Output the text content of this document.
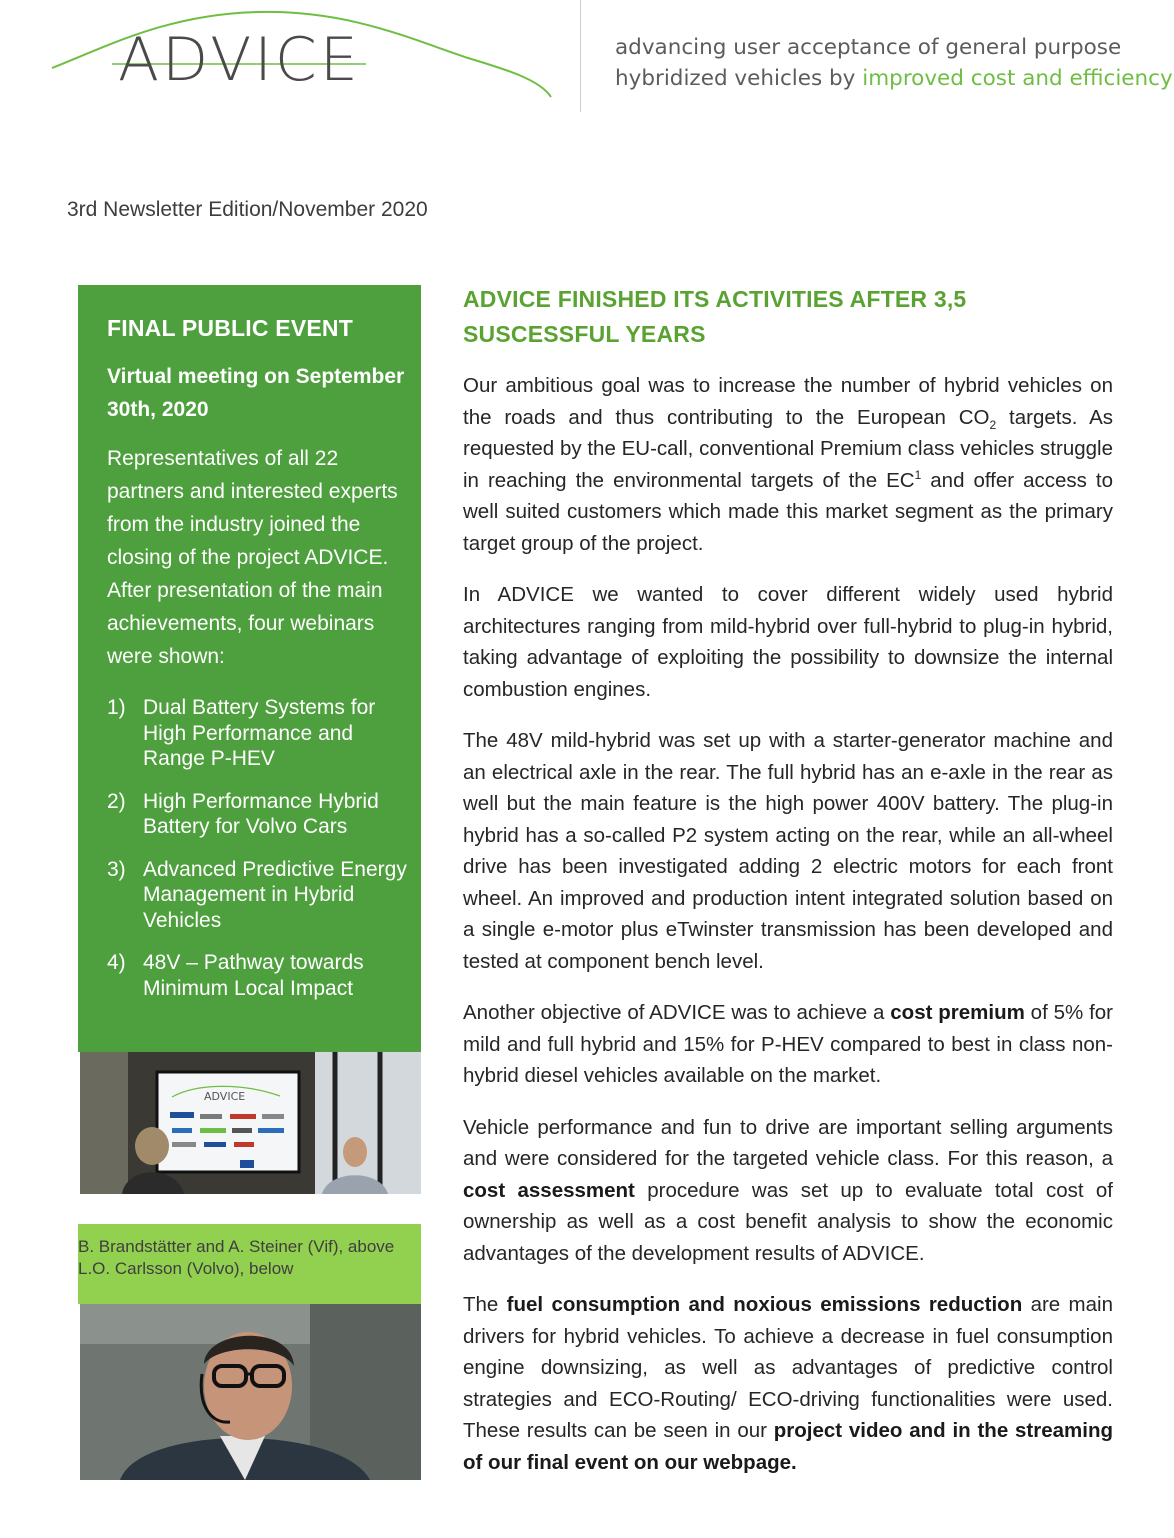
ADVICE	advancing user acceptance of general purpose
hybridized vehicles by improved cost and efficiency
3rd Newsletter Edition/November 2020
FINAL PUBLIC EVENT
Virtual meeting on September 30th, 2020
Representatives of all 22 partners and interested experts from the industry joined the closing of the project ADVICE. After presentation of the main achievements, four webinars were shown:
1) Dual Battery Systems for High Performance and Range P-HEV
2) High Performance Hybrid Battery for Volvo Cars
3) Advanced Predictive Energy Management in Hybrid Vehicles
4) 48V – Pathway towards Minimum Local Impact
ADVICE
B. Brandstätter and A. Steiner (Vif), above L.O. Carlsson (Volvo), below
ADVICE FINISHED ITS ACTIVITIES AFTER 3,5 SUSCESSFUL YEARS

Our ambitious goal was to increase the number of hybrid vehicles on the roads and thus contributing to the European $CO_2$ targets. As requested by the EU-call, conventional Premium class vehicles struggle in reaching the environmental targets of the $EC^1$ and offer access to well suited customers which made this market segment as the primary target group of the project.

In ADVICE we wanted to cover different widely used hybrid architectures ranging from mild-hybrid over full-hybrid to plug-in hybrid, taking advantage of exploiting the possibility to downsize the internal combustion engines.

The 48V mild-hybrid was set up with a starter-generator machine and an electrical axle in the rear. The full hybrid has an e-axle in the rear as well but the main feature is the high power 400V battery. The plug-in hybrid has a so-called P2 system acting on the rear, while an all-wheel drive has been investigated adding 2 electric motors for each front wheel. An improved and production intent integrated solution based on a single e-motor plus eTwinster transmission has been developed and tested at component bench level.

Another objective of ADVICE was to achieve a cost premium of 5% for mild and full hybrid and 15% for P-HEV compared to best in class non-hybrid diesel vehicles available on the market.

Vehicle performance and fun to drive are important selling arguments and were considered for the targeted vehicle class. For this reason, a cost assessment procedure was set up to evaluate total cost of ownership as well as a cost benefit analysis to show the economic advantages of the development results of ADVICE.

The fuel consumption and noxious emissions reduction are main drivers for hybrid vehicles. To achieve a decrease in fuel consumption engine downsizing, as well as advantages of predictive control strategies and ECO-Routing/ ECO-driving functionalities were used. These results can be seen in our project video and in the streaming of our final event on our webpage.
